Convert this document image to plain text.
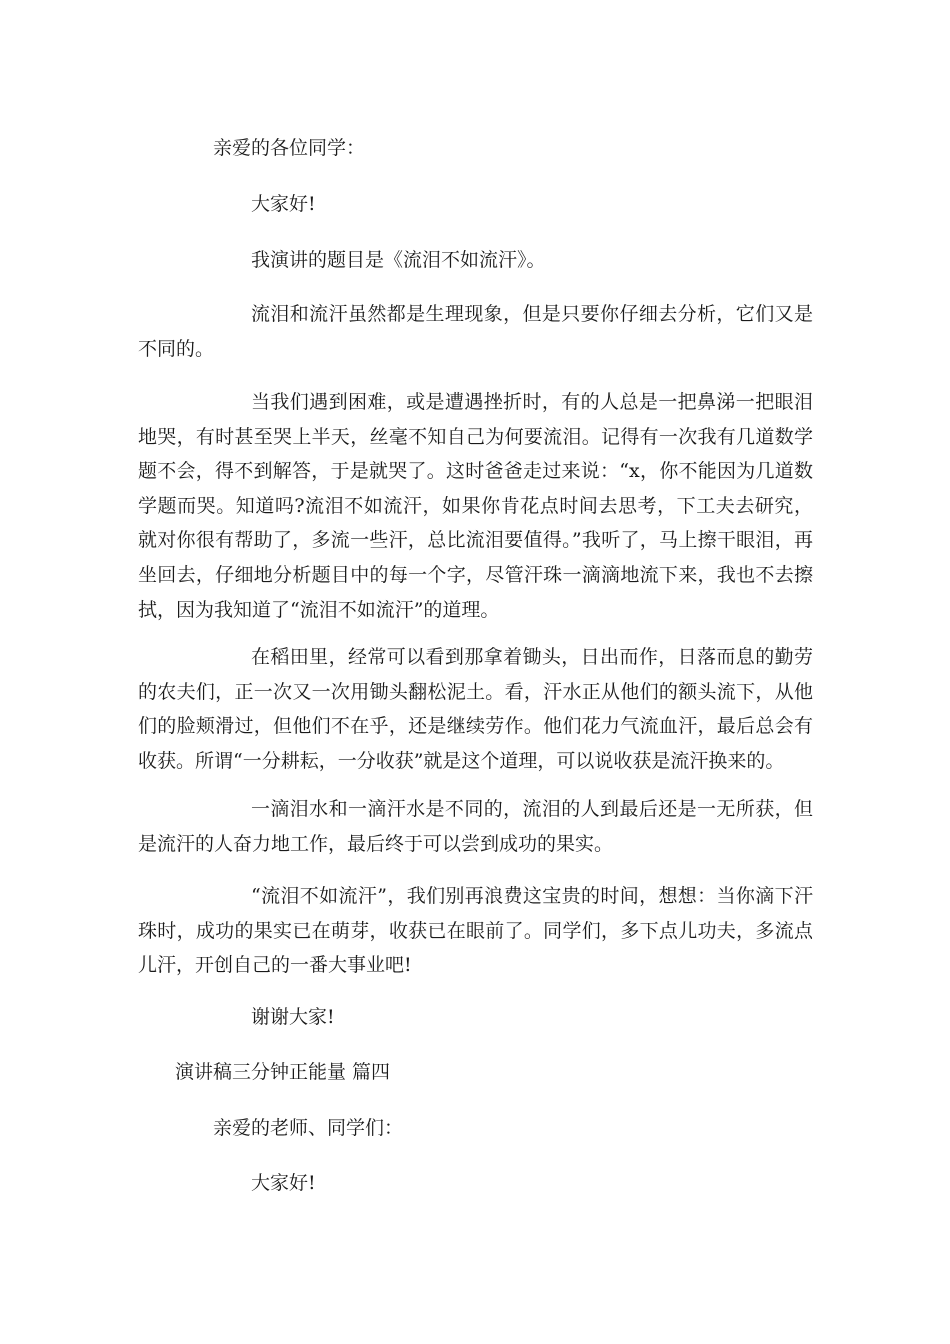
亲爱的各位同学：
大家好!
我演讲的题目是《流泪不如流汗》。

流泪和流汗虽然都是生理现象，但是只要你仔细去分析，它们又是不同的。

当我们遇到困难，或是遭遇挫折时，有的人总是一把鼻涕一把眼泪地哭，有时甚至哭上半天，丝毫不知自己为何要流泪。记得有一次我有几道数学题不会，得不到解答，于是就哭了。这时爸爸走过来说：“x，你不能因为几道数学题而哭。知道吗?流泪不如流汗，如果你肯花点时间去思考，下工夫去研究，就对你很有帮助了，多流一些汗，总比流泪要值得。”我听了，马上擦干眼泪，再坐回去，仔细地分析题目中的每一个字，尽管汗珠一滴滴地流下来，我也不去擦拭，因为我知道了“流泪不如流汗”的道理。

在稻田里，经常可以看到那拿着锄头，日出而作，日落而息的勤劳的农夫们，正一次又一次用锄头翻松泥土。看，汗水正从他们的额头流下，从他们的脸颊滑过，但他们不在乎，还是继续劳作。他们花力气流血汗，最后总会有收获。所谓“一分耕耘，一分收获”就是这个道理，可以说收获是流汗换来的。

一滴泪水和一滴汗水是不同的，流泪的人到最后还是一无所获，但是流汗的人奋力地工作，最后终于可以尝到成功的果实。

“流泪不如流汗”，我们别再浪费这宝贵的时间，想想：当你滴下汗珠时，成功的果实已在萌芽，收获已在眼前了。同学们，多下点儿功夫，多流点儿汗，开创自己的一番大事业吧!

谢谢大家!
演讲稿三分钟正能量 篇四
亲爱的老师、同学们：
大家好!
